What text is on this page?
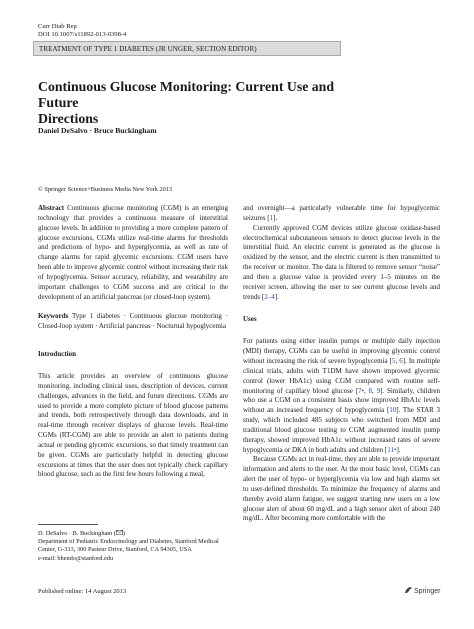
Curr Diab Rep
DOI 10.1007/s11892-013-0398-4
TREATMENT OF TYPE 1 DIABETES (JR UNGER, SECTION EDITOR)
Continuous Glucose Monitoring: Current Use and Future
Directions
Daniel DeSalvo · Bruce Buckingham
© Springer Science+Business Media New York 2013

Abstract Continuous glucose monitoring (CGM) is an emerging technology that provides a continuous measure of interstitial glucose levels. In addition to providing a more complete pattern of glucose excursions, CGMs utilize real-time alarms for thresholds and predictions of hypo- and hyperglycemia, as well as rate of change alarms for rapid glycemic excursions. CGM users have been able to improve glycemic control without increasing their risk of hypoglycemia. Sensor accuracy, reliability, and wearability are important challenges to CGM success and are critical to the development of an artificial pancreas (or closed-loop system).

Keywords Type 1 diabetes · Continuous glucose monitoring · Closed-loop system · Artificial pancreas · Nocturnal hypoglycemia

Introduction

This article provides an overview of continuous glucose monitoring, including clinical uses, description of devices, current challenges, advances in the field, and future directions. CGMs are used to provide a more complete picture of blood glucose patterns and trends, both retrospectively through data downloads, and in real-time through receiver displays of glucose levels. Real-time CGMs (RT-CGM) are able to provide an alert to patients during actual or pending glycemic excursions, so that timely treatment can be given. CGMs are particularly helpful in detecting glucose excursions at times that the user does not typically check capillary blood glucose, such as the first few hours following a meal,

and overnight—a particularly vulnerable time for hypoglycemic seizures [1].

Currently approved CGM devices utilize glucose oxidase-based electrochemical subcutaneous sensors to detect glucose levels in the interstitial fluid. An electric current is generated as the glucose is oxidized by the sensor, and the electric current is then transmitted to the receiver or monitor. The data is filtered to remove sensor “noise” and then a glucose value is provided every 1–5 minutes on the receiver screen, allowing the user to see current glucose levels and trends [2–4].

Uses

For patients using either insulin pumps or multiple daily injection (MDI) therapy, CGMs can be useful in improving glycemic control without increasing the risk of severe hypoglycemia [5, 6]. In multiple clinical trials, adults with T1DM have shown improved glycemic control (lower HbA1c) using CGM compared with routine self-monitoring of capillary blood glucose [7•, 8, 9]. Similarly, children who use a CGM on a consistent basis show improved HbA1c levels without an increased frequency of hypoglycemia [10]. The STAR 3 study, which included 485 subjects who switched from MDI and traditional blood glucose testing to CGM augmented insulin pump therapy, showed improved HbA1c without increased rates of severe hypoglycemia or DKA in both adults and children [11•].

Because CGMs act in real-time, they are able to provide important information and alerts to the user. At the most basic level, CGMs can alert the user of hypo- or hyperglycemia via low and high alarms set to user-defined thresholds. To minimize the frequency of alarms and thereby avoid alarm fatigue, we suggest starting new users on a low glucose alert of about 60 mg/dL and a high sensor alert of about 240 mg/dL. After becoming more comfortable with the

D. DeSalvo · B. Buckingham ( )
Department of Pediatric Endocrinology and Diabetes, Stanford Medical Center, G-313, 300 Pasteur Drive, Stanford, CA 94305, USA
e-mail: bhendo@stanford.edu
Published online: 14 August 2013	Springer
